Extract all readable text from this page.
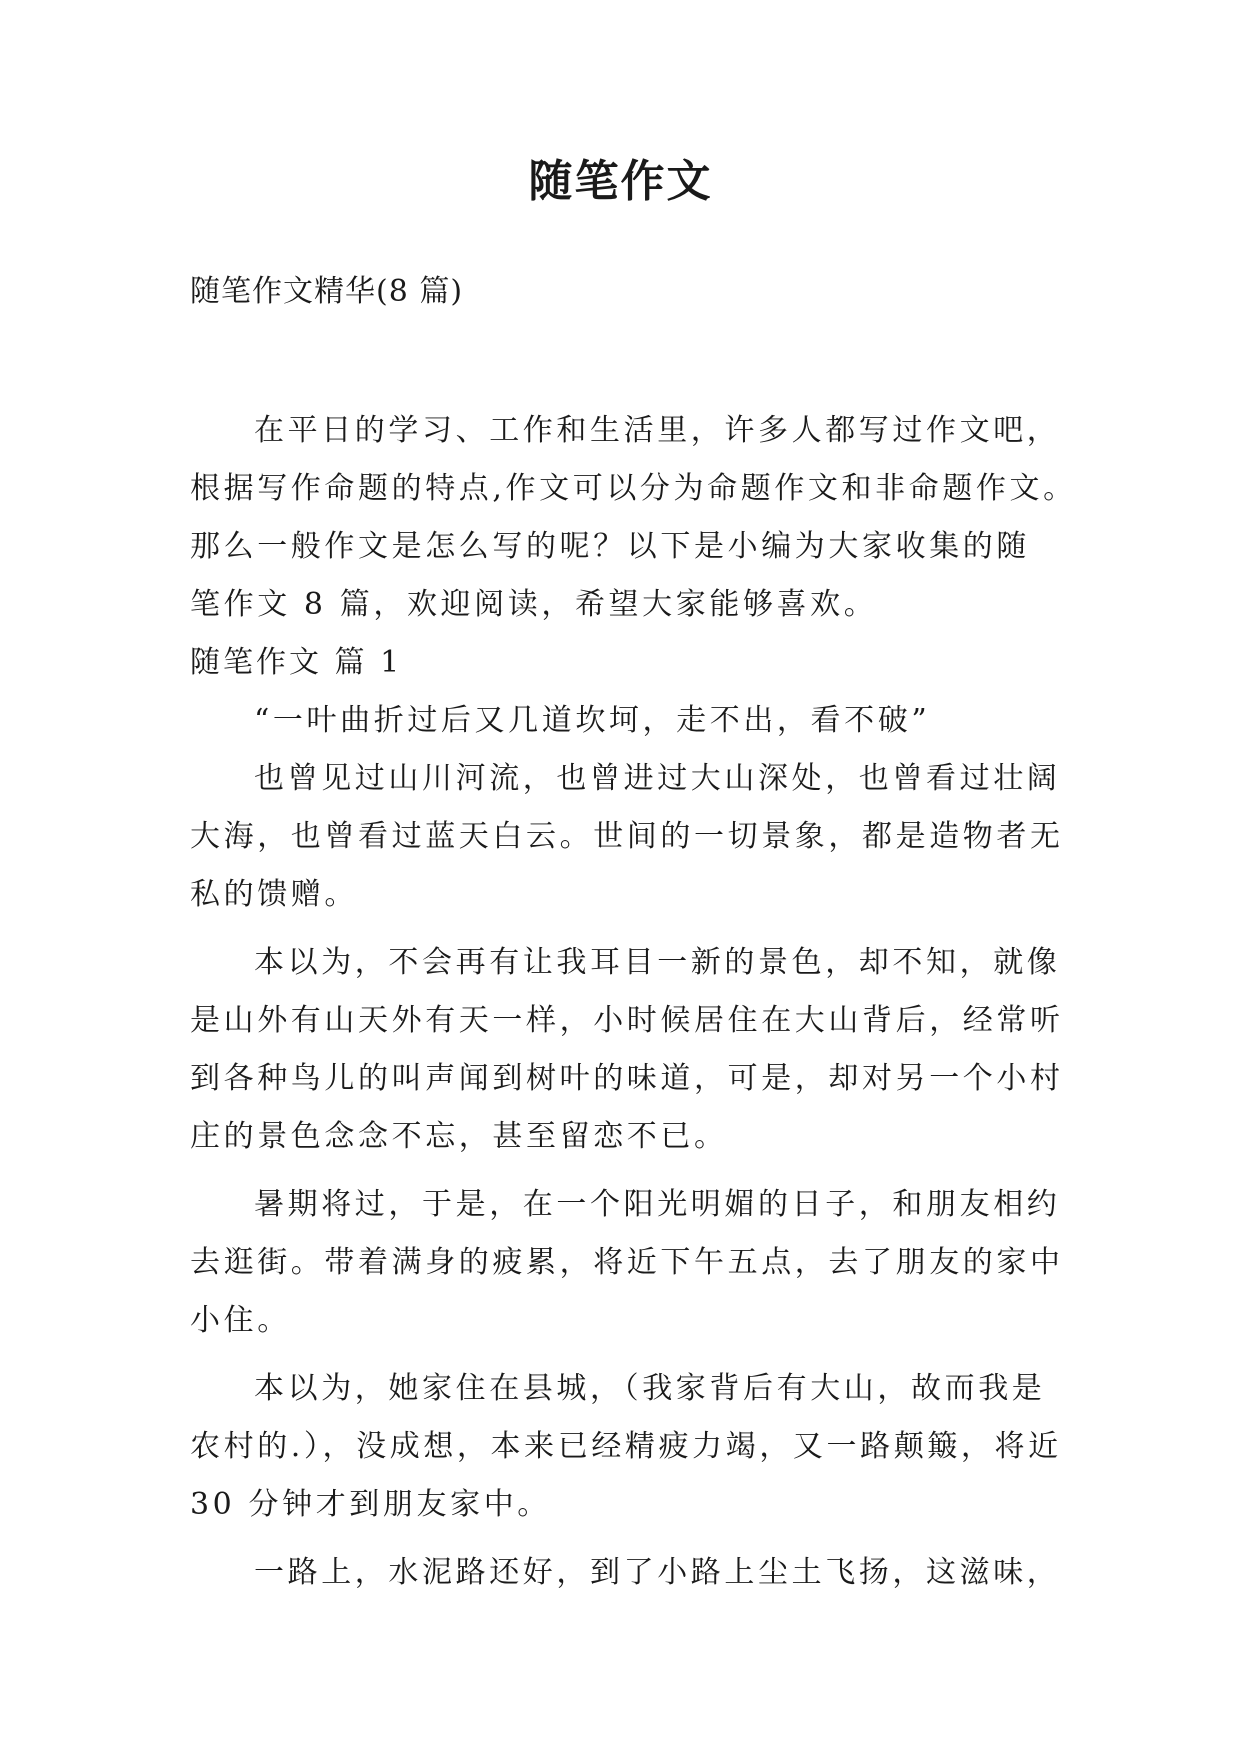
随笔作文

随笔作文精华(8 篇)

在平日的学习、工作和生活里，许多人都写过作文吧，

根据写作命题的特点,作文可以分为命题作文和非命题作文。

那么一般作文是怎么写的呢？以下是小编为大家收集的随

笔作文 8 篇，欢迎阅读，希望大家能够喜欢。

随笔作文 篇 1

“一叶曲折过后又几道坎坷，走不出，看不破”

也曾见过山川河流，也曾进过大山深处，也曾看过壮阔

大海，也曾看过蓝天白云。世间的一切景象，都是造物者无

私的馈赠。

本以为，不会再有让我耳目一新的景色，却不知，就像

是山外有山天外有天一样，小时候居住在大山背后，经常听

到各种鸟儿的叫声闻到树叶的味道，可是，却对另一个小村

庄的景色念念不忘，甚至留恋不已。

暑期将过，于是，在一个阳光明媚的日子，和朋友相约

去逛街。带着满身的疲累，将近下午五点，去了朋友的家中

小住。

本以为，她家住在县城，（我家背后有大山，故而我是

农村的.），没成想，本来已经精疲力竭，又一路颠簸，将近

30 分钟才到朋友家中。

一路上，水泥路还好，到了小路上尘土飞扬，这滋味，
